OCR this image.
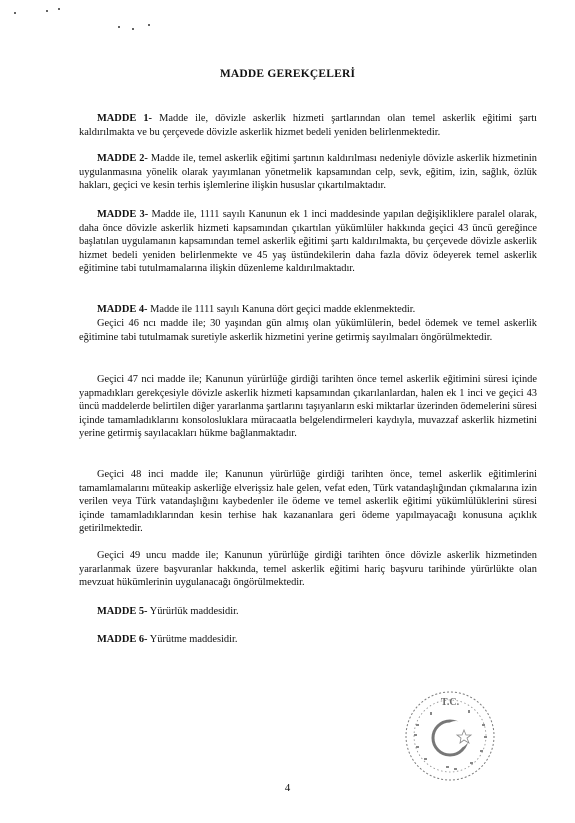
MADDE GEREKÇELERİ

MADDE 1- Madde ile, dövizle askerlik hizmeti şartlarından olan temel askerlik eğitimi şartı kaldırılmakta ve bu çerçevede dövizle askerlik hizmet bedeli yeniden belirlenmektedir.

MADDE 2- Madde ile, temel askerlik eğitimi şartının kaldırılması nedeniyle dövizle askerlik hizmetinin uygulanmasına yönelik olarak yayımlanan yönetmelik kapsamından celp, sevk, eğitim, izin, sağlık, özlük hakları, geçici ve kesin terhis işlemlerine ilişkin hususlar çıkartılmaktadır.

MADDE 3- Madde ile, 1111 sayılı Kanunun ek 1 inci maddesinde yapılan değişikliklere paralel olarak, daha önce dövizle askerlik hizmeti kapsamından çıkartılan yükümlüler hakkında geçici 43 üncü gereğince başlatılan uygulamanın kapsamından temel askerlik eğitimi şartı kaldırılmakta, bu çerçevede dövizle askerlik hizmet bedeli yeniden belirlenmekte ve 45 yaş üstündekilerin daha fazla döviz ödeyerek temel askerlik eğitimine tabi tutulmamalarına ilişkin düzenleme kaldırılmaktadır.

MADDE 4- Madde ile 1111 sayılı Kanuna dört geçici madde eklenmektedir.

Geçici 46 ncı madde ile; 30 yaşından gün almış olan yükümlülerin, bedel ödemek ve temel askerlik eğitimine tabi tutulmamak suretiyle askerlik hizmetini yerine getirmiş sayılmaları öngörülmektedir.

Geçici 47 nci madde ile; Kanunun yürürlüğe girdiği tarihten önce temel askerlik eğitimini süresi içinde yapmadıkları gerekçesiyle dövizle askerlik hizmeti kapsamından çıkarılanlardan, halen ek 1 inci ve geçici 43 üncü maddelerde belirtilen diğer yararlanma şartlarını taşıyanların eski miktarlar üzerinden ödemelerini süresi içinde tamamladıklarını konsolosluklara müracaatla belgelendirmeleri kaydıyla, muvazzaf askerlik hizmetini yerine getirmiş sayılacakları hükme bağlanmaktadır.

Geçici 48 inci madde ile; Kanunun yürürlüğe girdiği tarihten önce, temel askerlik eğitimlerini tamamlamalarını müteakip askerliğe elverişsiz hale gelen, vefat eden, Türk vatandaşlığından çıkmalarına izin verilen veya Türk vatandaşlığını kaybedenler ile ödeme ve temel askerlik eğitimi yükümlülüklerini süresi içinde tamamladıklarından kesin terhise hak kazananlara geri ödeme yapılmayacağı konusuna açıklık getirilmektedir.

Geçici 49 uncu madde ile; Kanunun yürürlüğe girdiği tarihten önce dövizle askerlik hizmetinden yararlanmak üzere başvuranlar hakkında, temel askerlik eğitimi hariç başvuru tarihinde yürürlükte olan mevzuat hükümlerinin uygulanacağı öngörülmektedir.

MADDE 5- Yürürlük maddesidir.

MADDE 6- Yürütme maddesidir.

T.C.
4
